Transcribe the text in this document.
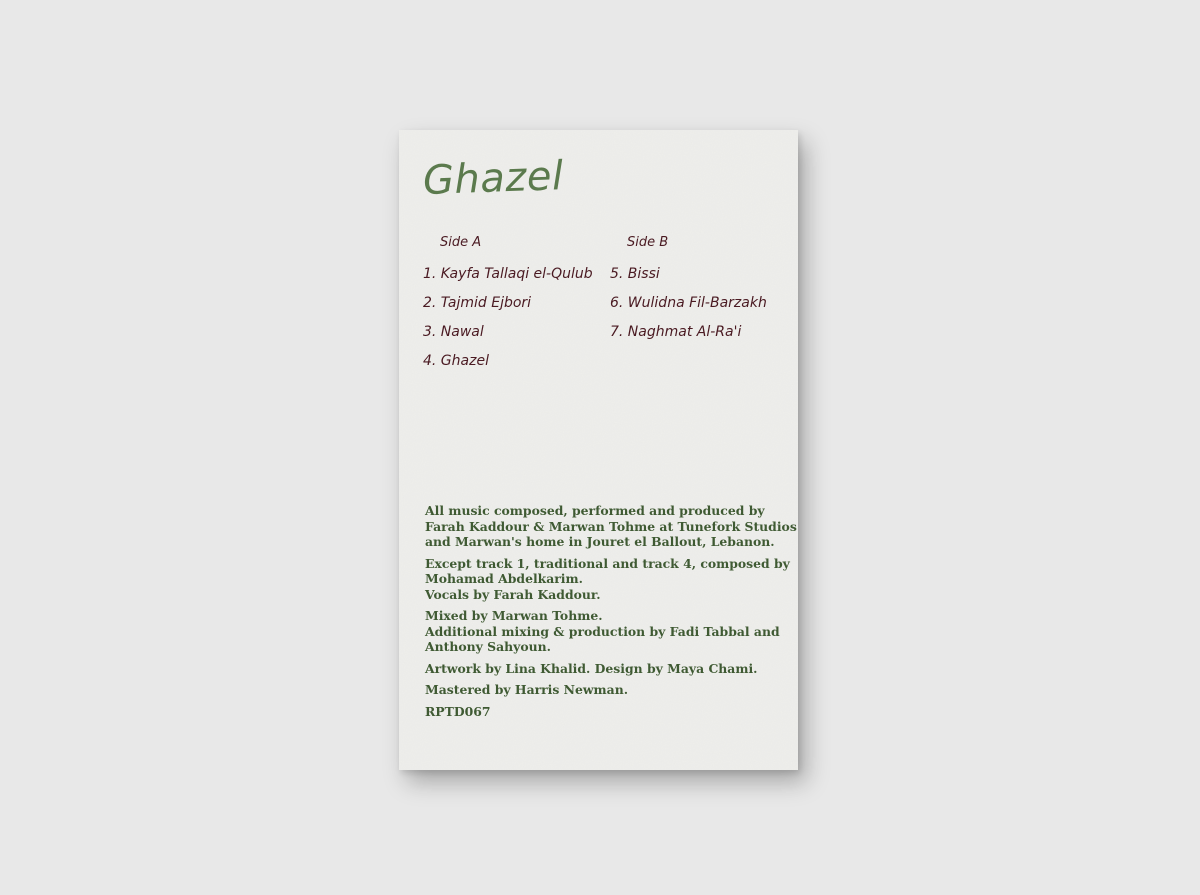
Ghazel
Side A
1. Kayfa Tallaqi el-Qulub
2. Tajmid Ejbori
3. Nawal
4. Ghazel
Side B
5. Bissi
6. Wulidna Fil-Barzakh
7. Naghmat Al-Ra'i

All music composed, performed and produced by
Farah Kaddour & Marwan Tohme at Tunefork Studios
and Marwan's home in Jouret el Ballout, Lebanon.

Except track 1, traditional and track 4, composed by
Mohamad Abdelkarim.
Vocals by Farah Kaddour.

Mixed by Marwan Tohme.
Additional mixing & production by Fadi Tabbal and
Anthony Sahyoun.

Artwork by Lina Khalid. Design by Maya Chami.

Mastered by Harris Newman.

RPTD067
